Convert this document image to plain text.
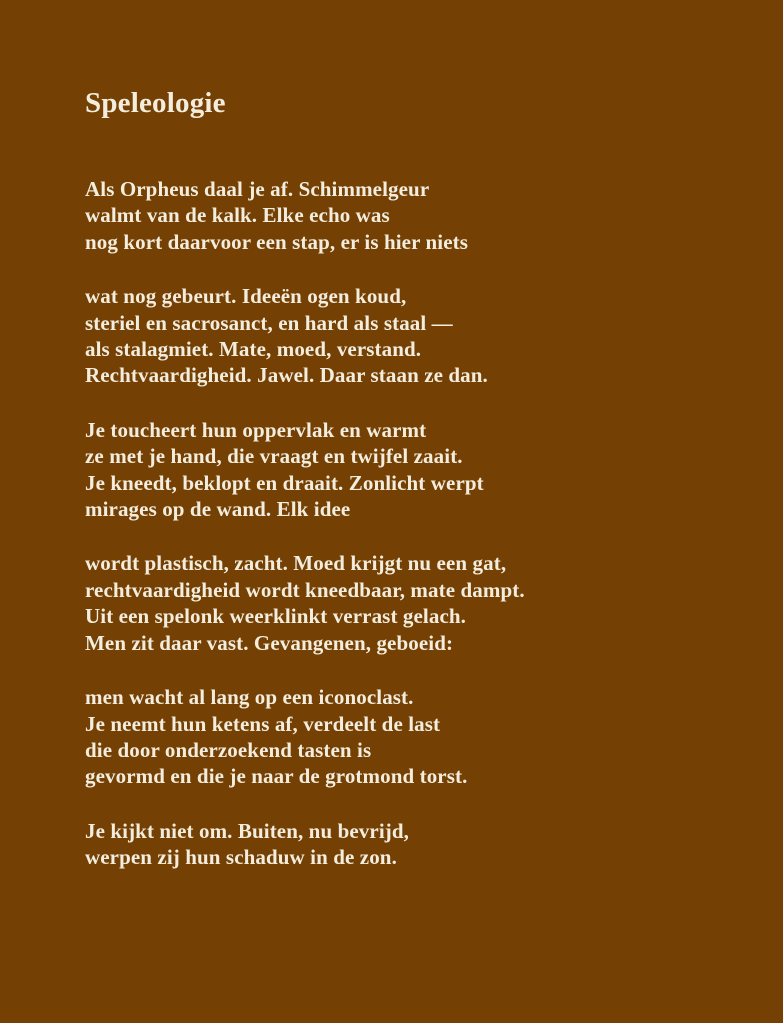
Speleologie

Als Orpheus daal je af. Schimmelgeur
walmt van de kalk. Elke echo was
nog kort daarvoor een stap, er is hier niets

wat nog gebeurt. Ideeën ogen koud,
steriel en sacrosanct, en hard als staal —
als stalagmiet. Mate, moed, verstand.
Rechtvaardigheid. Jawel. Daar staan ze dan.

Je toucheert hun oppervlak en warmt
ze met je hand, die vraagt en twijfel zaait.
Je kneedt, beklopt en draait. Zonlicht werpt
mirages op de wand. Elk idee

wordt plastisch, zacht. Moed krijgt nu een gat,
rechtvaardigheid wordt kneedbaar, mate dampt.
Uit een spelonk weerklinkt verrast gelach.
Men zit daar vast. Gevangenen, geboeid:

men wacht al lang op een iconoclast.
Je neemt hun ketens af, verdeelt de last
die door onderzoekend tasten is
gevormd en die je naar de grotmond torst.

Je kijkt niet om. Buiten, nu bevrijd,
werpen zij hun schaduw in de zon.
